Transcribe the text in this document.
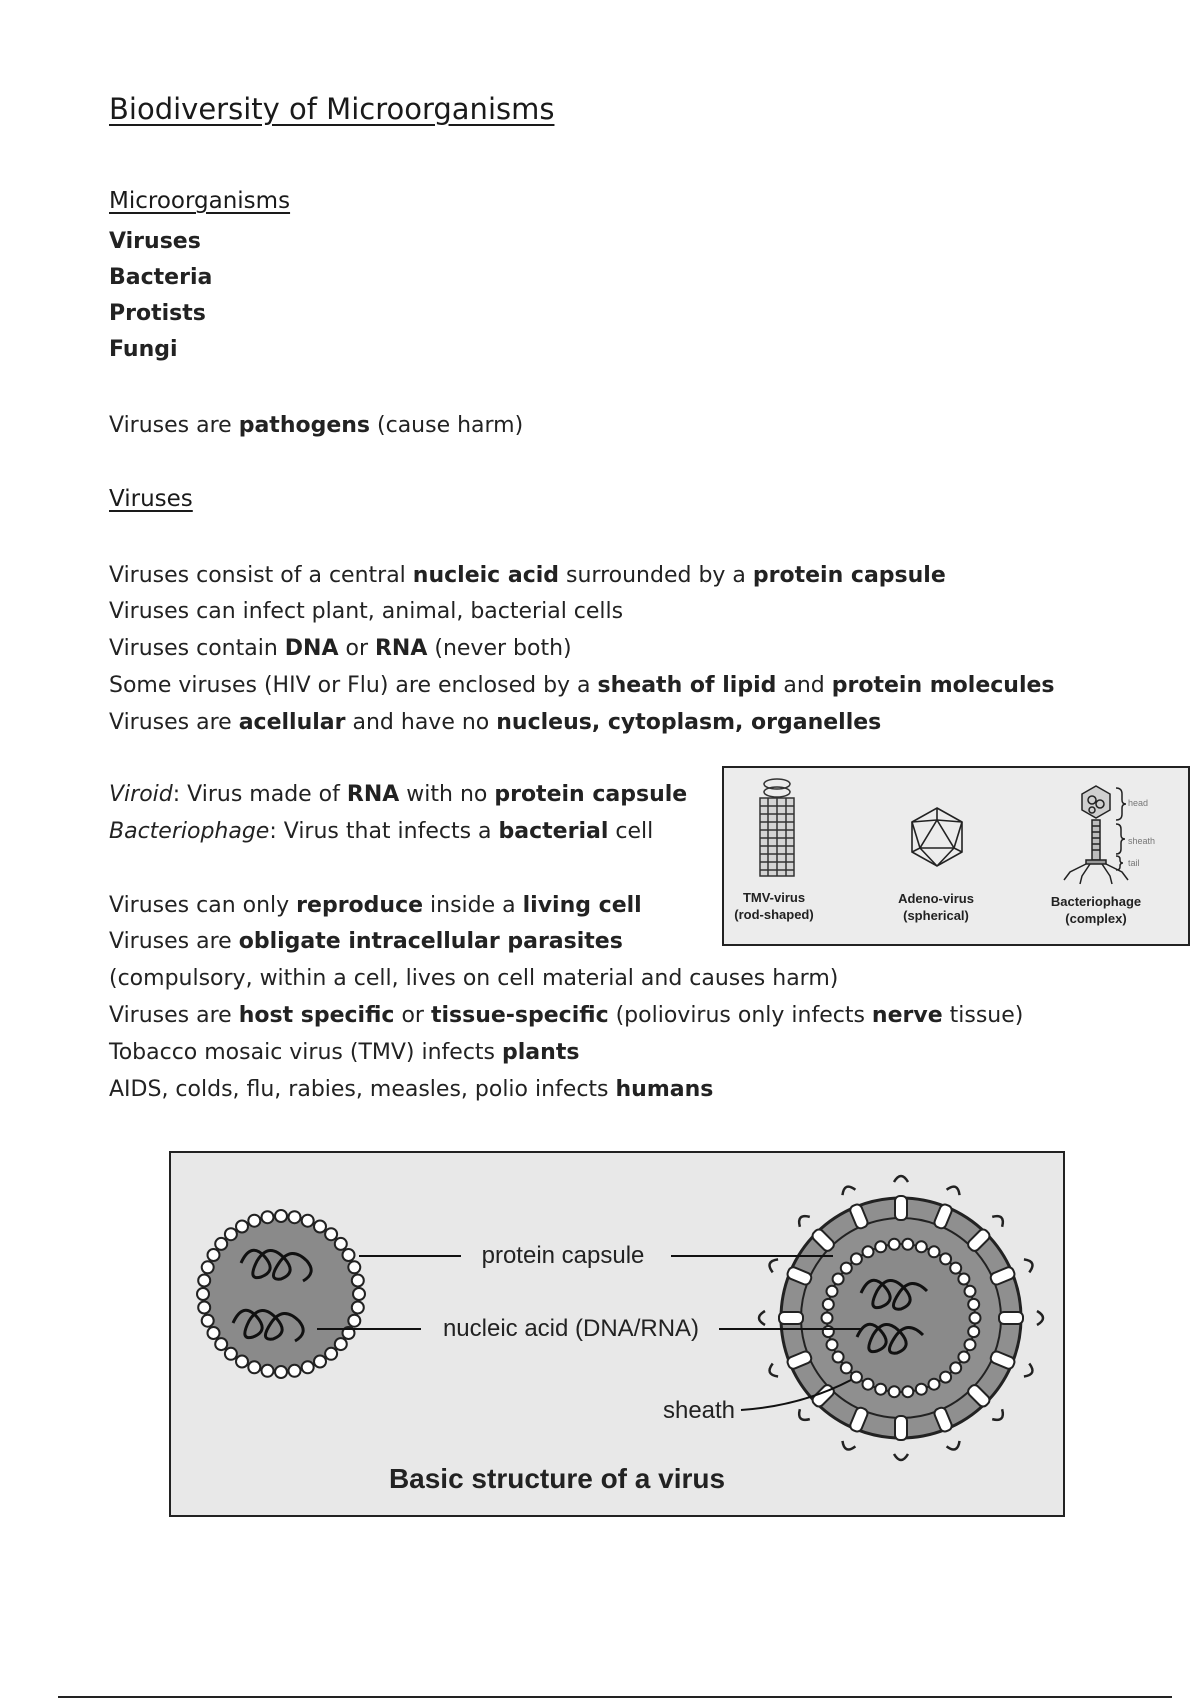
Biodiversity of Microorganisms
Microorganisms
Viruses
Bacteria
Protists
Fungi
Viruses are pathogens (cause harm)
Viruses
Viruses consist of a central nucleic acid surrounded by a protein capsule
Viruses can infect plant, animal, bacterial cells
Viruses contain DNA or RNA (never both)
Some viruses (HIV or Flu) are enclosed by a sheath of lipid and protein molecules
Viruses are acellular and have no nucleus, cytoplasm, organelles
Viroid: Virus made of RNA with no protein capsule
Bacteriophage: Virus that infects a bacterial cell
Viruses can only reproduce inside a living cell
Viruses are obligate intracellular parasites
(compulsory, within a cell, lives on cell material and causes harm)
Viruses are host specific or tissue-specific (poliovirus only infects nerve tissue)
Tobacco mosaic virus (TMV) infects plants
AIDS, colds, flu, rabies, measles, polio infects humans
head
sheath
tail
TMV-virus
(rod-shaped)
Adeno-virus
(spherical)
Bacteriophage
(complex)
protein capsule
nucleic acid (DNA/RNA)
sheath
Basic structure of a virus
